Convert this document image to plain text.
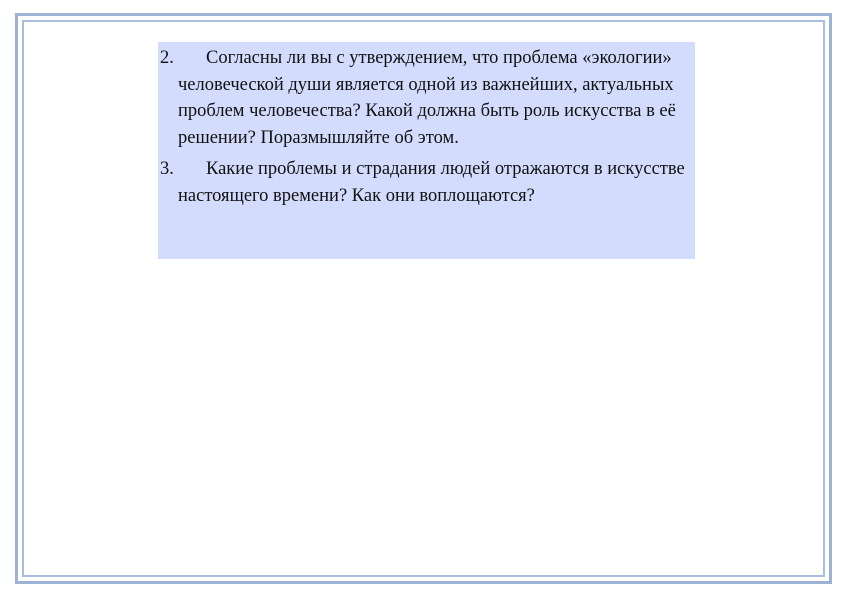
2.	Согласны ли вы с утверждением, что проблема «экологии» человеческой души является одной из важнейших, актуальных проблем человечества? Какой должна быть роль искусства в её решении? Поразмышляйте об этом.
3.	Какие проблемы и страдания людей отражаются в искусстве настоящего времени? Как они воплощаются?
